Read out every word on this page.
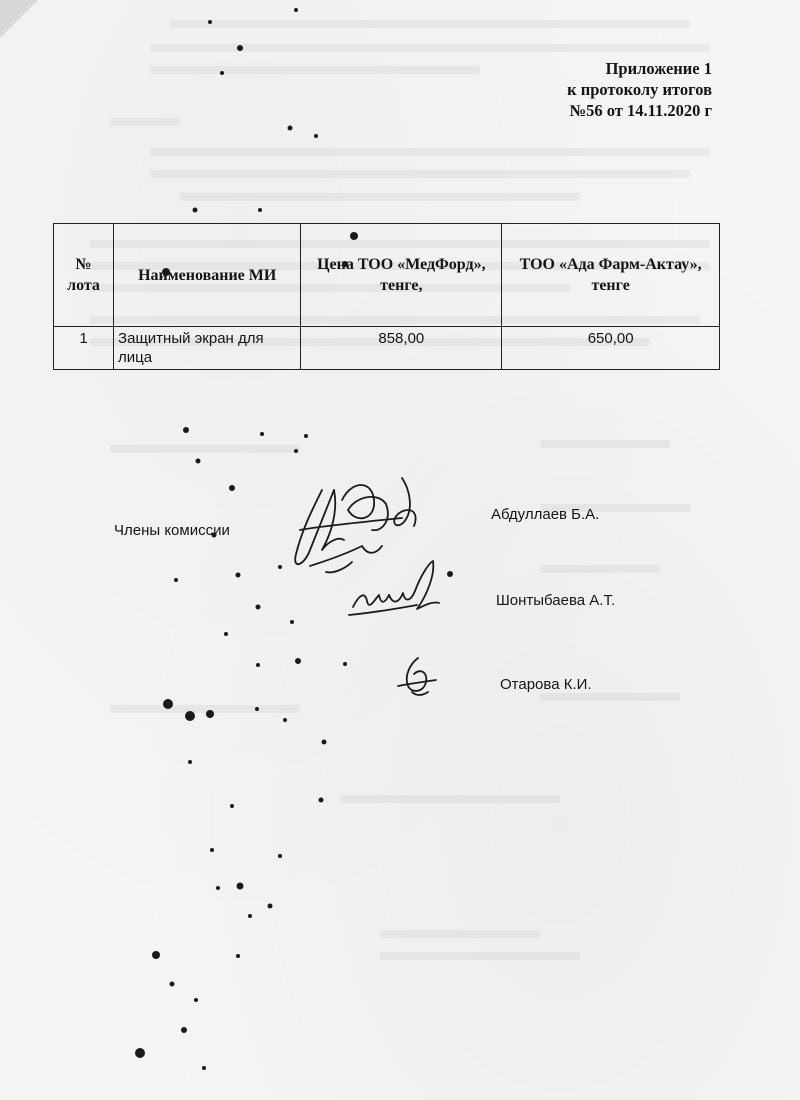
Приложение 1
к протоколу итогов
№56 от 14.11.2020 г
№ лота	Наименование МИ	Цена ТОО «МедФорд», тенге,	ТОО «Ада Фарм-Актау», тенге
1	Защитный экран для лица	858,00	650,00
Члены комиссии
Абдуллаев Б.А.
Шонтыбаева А.Т.
Отарова К.И.
